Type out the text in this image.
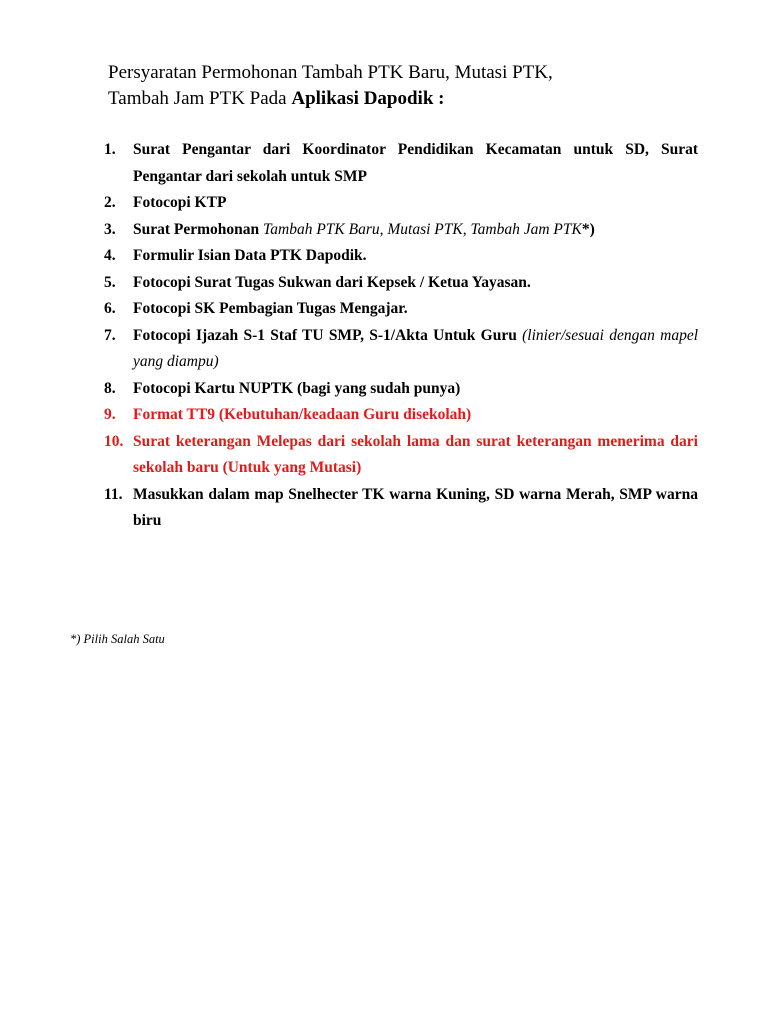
Persyaratan Permohonan Tambah PTK Baru, Mutasi PTK,
Tambah Jam PTK Pada Aplikasi Dapodik :
1.	Surat Pengantar dari Koordinator Pendidikan Kecamatan untuk SD, Surat Pengantar dari sekolah untuk SMP
2.	Fotocopi KTP
3.	Surat Permohonan Tambah PTK Baru, Mutasi PTK, Tambah Jam PTK*)
4.	Formulir Isian Data PTK Dapodik.
5.	Fotocopi Surat Tugas Sukwan dari Kepsek / Ketua Yayasan.
6.	Fotocopi SK Pembagian Tugas Mengajar.
7.	Fotocopi Ijazah S-1 Staf TU SMP, S-1/Akta Untuk Guru (linier/sesuai dengan mapel yang diampu)
8.	Fotocopi Kartu NUPTK (bagi yang sudah punya)
9.	Format TT9 (Kebutuhan/keadaan Guru disekolah)
10. Surat keterangan Melepas dari sekolah lama dan surat keterangan menerima dari sekolah baru (Untuk yang Mutasi)
11. Masukkan dalam map Snelhecter TK warna Kuning, SD warna Merah, SMP warna biru
*) Pilih Salah Satu
